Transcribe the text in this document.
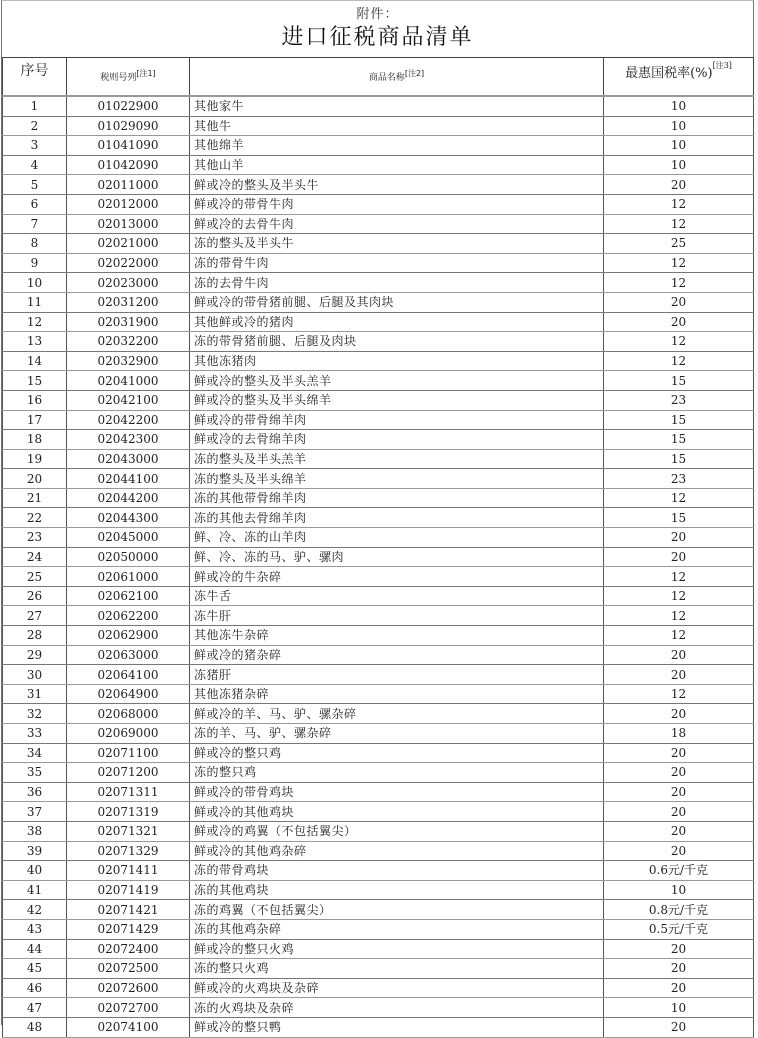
附件：
进口征税商品清单
序号	税则号列[注1]	商品名称[注2]	最惠国税率(%)[注3]
1	01022900	其他家牛	10
2	01029090	其他牛	10
3	01041090	其他绵羊	10
4	01042090	其他山羊	10
5	02011000	鲜或冷的整头及半头牛	20
6	02012000	鲜或冷的带骨牛肉	12
7	02013000	鲜或冷的去骨牛肉	12
8	02021000	冻的整头及半头牛	25
9	02022000	冻的带骨牛肉	12
10	02023000	冻的去骨牛肉	12
11	02031200	鲜或冷的带骨猪前腿、后腿及其肉块	20
12	02031900	其他鲜或冷的猪肉	20
13	02032200	冻的带骨猪前腿、后腿及肉块	12
14	02032900	其他冻猪肉	12
15	02041000	鲜或冷的整头及半头羔羊	15
16	02042100	鲜或冷的整头及半头绵羊	23
17	02042200	鲜或冷的带骨绵羊肉	15
18	02042300	鲜或冷的去骨绵羊肉	15
19	02043000	冻的整头及半头羔羊	15
20	02044100	冻的整头及半头绵羊	23
21	02044200	冻的其他带骨绵羊肉	12
22	02044300	冻的其他去骨绵羊肉	15
23	02045000	鲜、冷、冻的山羊肉	20
24	02050000	鲜、冷、冻的马、驴、骡肉	20
25	02061000	鲜或冷的牛杂碎	12
26	02062100	冻牛舌	12
27	02062200	冻牛肝	12
28	02062900	其他冻牛杂碎	12
29	02063000	鲜或冷的猪杂碎	20
30	02064100	冻猪肝	20
31	02064900	其他冻猪杂碎	12
32	02068000	鲜或冷的羊、马、驴、骡杂碎	20
33	02069000	冻的羊、马、驴、骡杂碎	18
34	02071100	鲜或冷的整只鸡	20
35	02071200	冻的整只鸡	20
36	02071311	鲜或冷的带骨鸡块	20
37	02071319	鲜或冷的其他鸡块	20
38	02071321	鲜或冷的鸡翼（不包括翼尖）	20
39	02071329	鲜或冷的其他鸡杂碎	20
40	02071411	冻的带骨鸡块	0.6元/千克
41	02071419	冻的其他鸡块	10
42	02071421	冻的鸡翼（不包括翼尖）	0.8元/千克
43	02071429	冻的其他鸡杂碎	0.5元/千克
44	02072400	鲜或冷的整只火鸡	20
45	02072500	冻的整只火鸡	20
46	02072600	鲜或冷的火鸡块及杂碎	20
47	02072700	冻的火鸡块及杂碎	10
48	02074100	鲜或冷的整只鸭	20
